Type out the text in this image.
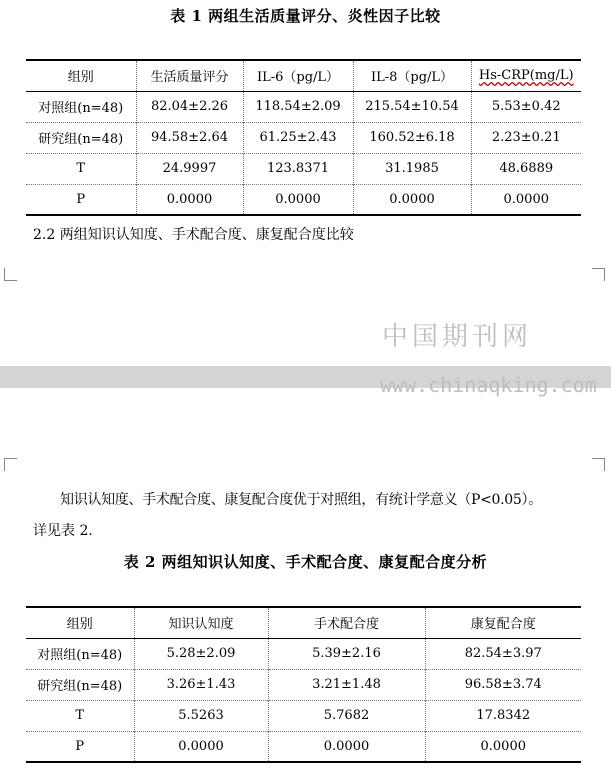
表 1 两组生活质量评分、炎性因子比较
组别	生活质量评分	IL-6（pg/L）	IL-8（pg/L）	Hs-CRP(mg/L)
对照组(n=48)	82.04±2.26	118.54±2.09	215.54±10.54	5.53±0.42
研究组(n=48)	94.58±2.64	61.25±2.43	160.52±6.18	2.23±0.21
T	24.9997	123.8371	31.1985	48.6889
P	0.0000	0.0000	0.0000	0.0000
2.2 两组知识认知度、手术配合度、康复配合度比较
知识认知度、手术配合度、康复配合度优于对照组，有统计学意义（P<0.05）。
详见表 2.
表 2 两组知识认知度、手术配合度、康复配合度分析
组别	知识认知度	手术配合度	康复配合度
对照组(n=48)	5.28±2.09	5.39±2.16	82.54±3.97
研究组(n=48)	3.26±1.43	3.21±1.48	96.58±3.74
T	5.5263	5.7682	17.8342
P	0.0000	0.0000	0.0000
中国期刊网
www.chinaqking.com
